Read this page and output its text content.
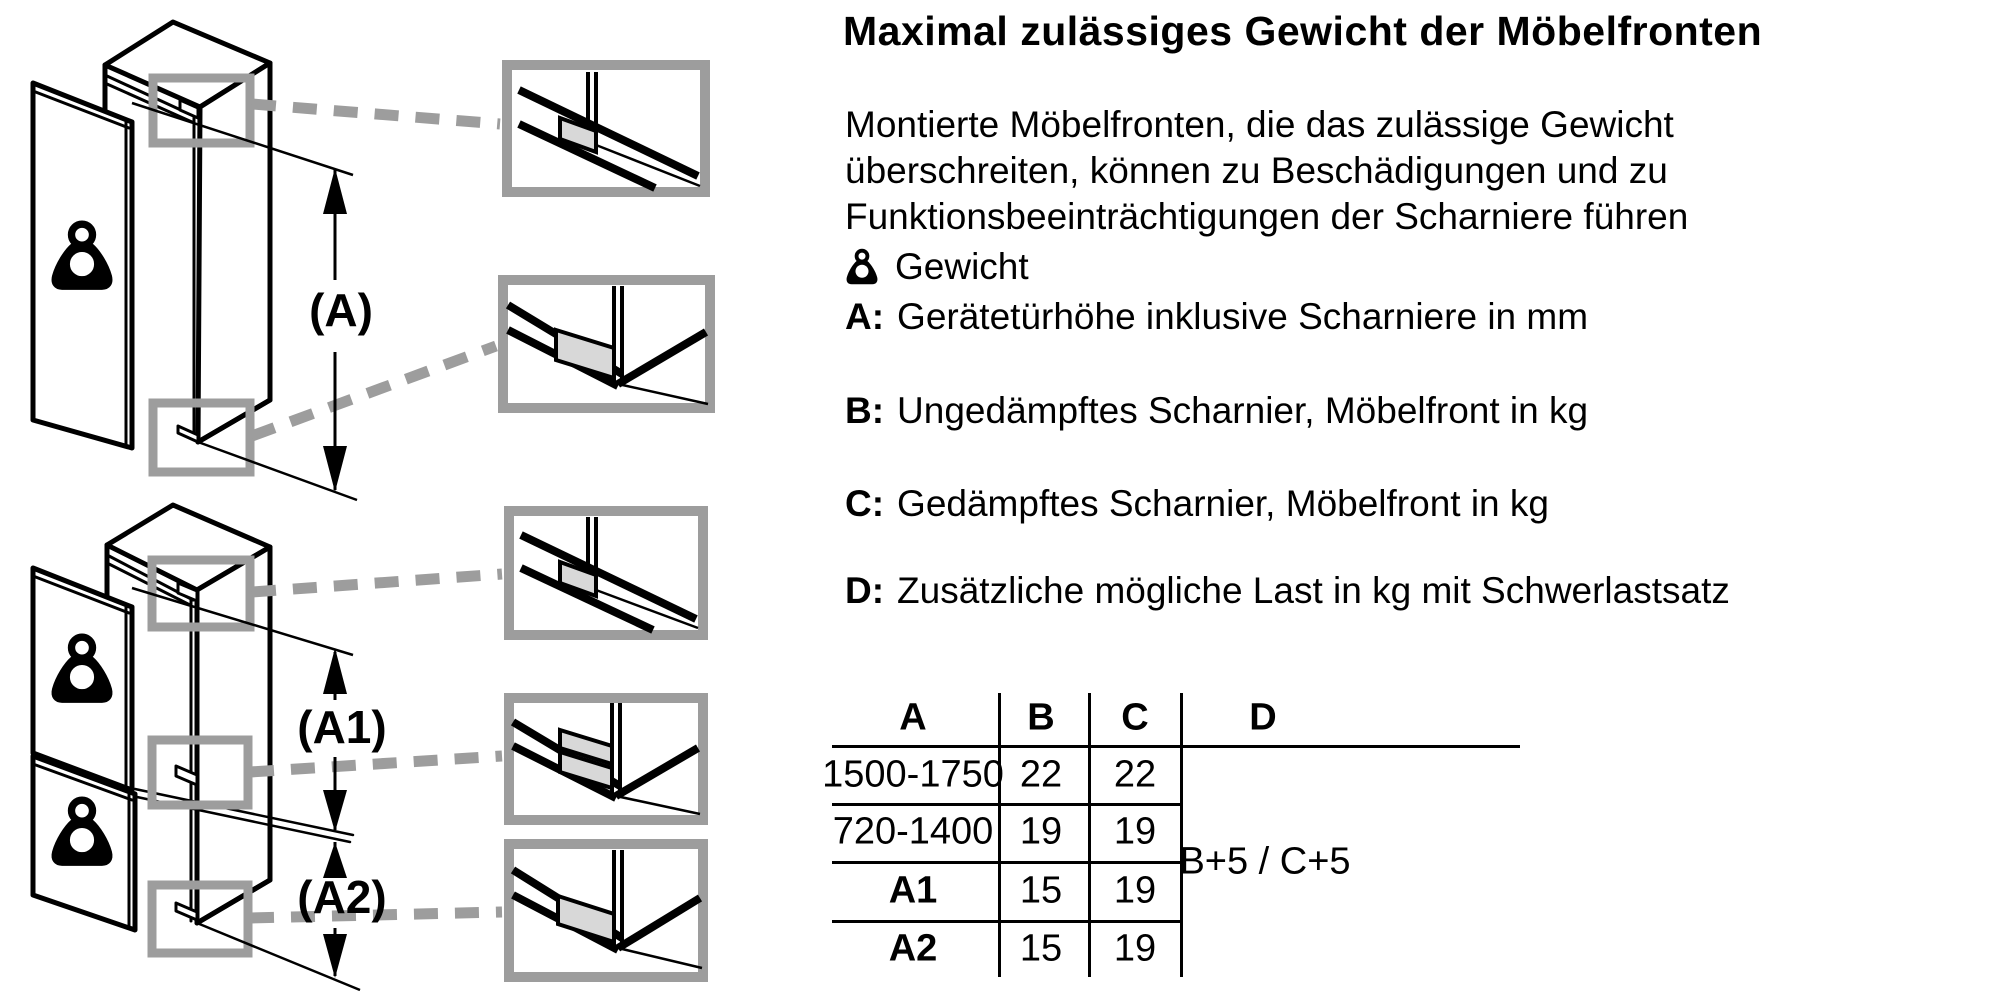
(A)
(A1)
(A2)
Maximal zulässiges Gewicht der Möbelfronten
Montierte Möbelfronten, die das zulässige Gewicht
überschreiten, können zu Beschädigungen und zu
Funktionsbeeinträchtigungen der Scharniere führen
Gewicht
A: Gerätetürhöhe inklusive Scharniere in mm
B: Ungedämpftes Scharnier, Möbelfront in kg
C: Gedämpftes Scharnier, Möbelfront in kg
D: Zusätzliche mögliche Last in kg mit Schwerlastsatz
A	B C	D
1500-1750 22 22
720-1400 19 19
A1 15 19
A2 15 19
B+5 / C+5
